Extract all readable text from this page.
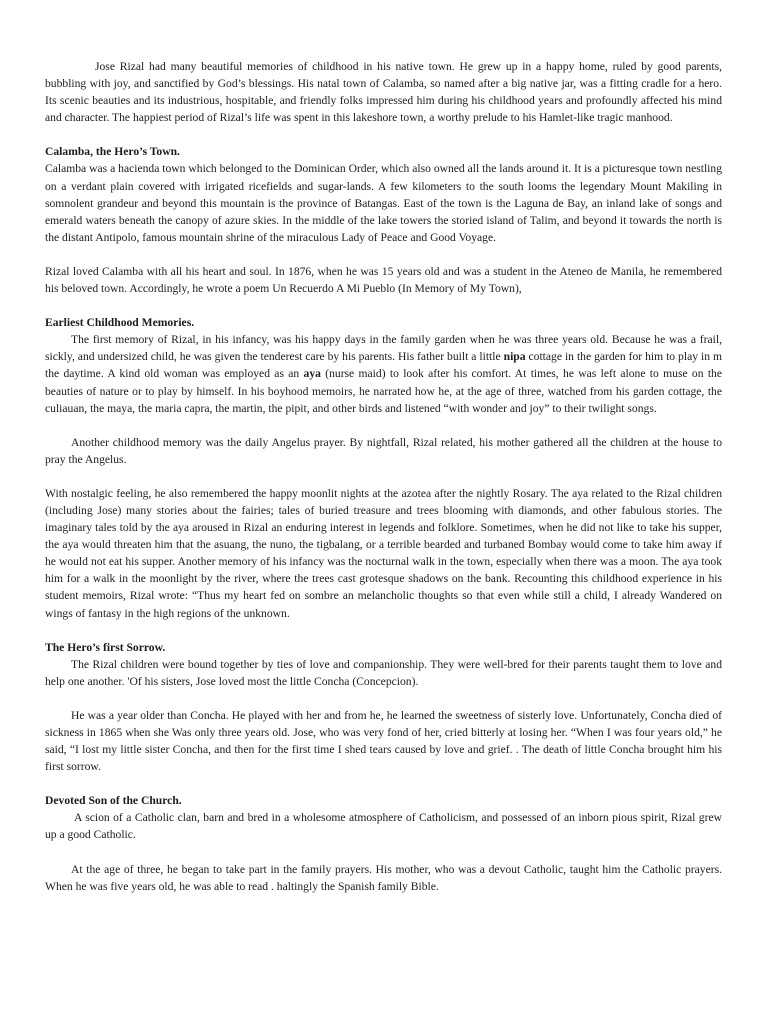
Jose Rizal had many beautiful memories of childhood in his native town. He grew up in a happy home, ruled by good parents, bubbling with joy, and sanctified by God’s blessings. His natal town of Calamba, so named after a big native jar, was a fitting cradle for a hero. Its scenic beauties and its industrious, hospitable, and friendly folks impressed him during his childhood years and profoundly affected his mind and character. The happiest period of Rizal’s life was spent in this lakeshore town, a worthy prelude to his Hamlet-like tragic manhood.

Calamba, the Hero’s Town.

Calamba was a hacienda town which belonged to the Dominican Order, which also owned all the lands around it. It is a picturesque town nestling on a verdant plain covered with irrigated ricefields and sugar-lands. A few kilometers to the south looms the legendary Mount Makiling in somnolent grandeur and beyond this mountain is the province of Batangas. East of the town is the Laguna de Bay, an inland lake of songs and emerald waters beneath the canopy of azure skies. In the middle of the lake towers the storied island of Talim, and beyond it towards the north is the distant Antipolo, famous mountain shrine of the miraculous Lady of Peace and Good Voyage.

Rizal loved Calamba with all his heart and soul. In 1876, when he was 15 years old and was a student in the Ateneo de Manila, he remembered his beloved town. Accordingly, he wrote a poem Un Recuerdo A Mi Pueblo (In Memory of My Town),

Earliest Childhood Memories.

The first memory of Rizal, in his infancy, was his happy days in the family garden when he was three years old. Because he was a frail, sickly, and undersized child, he was given the tenderest care by his parents. His father built a little nipa cottage in the garden for him to play in m the daytime. A kind old woman was employed as an aya (nurse maid) to look after his comfort. At times, he was left alone to muse on the beauties of nature or to play by himself. In his boyhood memoirs, he narrated how he, at the age of three, watched from his garden cottage, the culiauan, the maya, the maria capra, the martin, the pipit, and other birds and listened “with wonder and joy” to their twilight songs.

Another childhood memory was the daily Angelus prayer. By nightfall, Rizal related, his mother gathered all the children at the house to pray the Angelus.

With nostalgic feeling, he also remembered the happy moonlit nights at the azotea after the nightly Rosary. The aya related to the Rizal children (including Jose) many stories about the fairies; tales of buried treasure and trees blooming with diamonds, and other fabulous stories. The imaginary tales told by the aya aroused in Rizal an enduring interest in legends and folklore. Sometimes, when he did not like to take his supper, the aya would threaten him that the asuang, the nuno, the tigbalang, or a terrible bearded and turbaned Bombay would come to take him away if he would not eat his supper. Another memory of his infancy was the nocturnal walk in the town, especially when there was a moon. The aya took him for a walk in the moonlight by the river, where the trees cast grotesque shadows on the bank. Recounting this childhood experience in his student memoirs, Rizal wrote: “Thus my heart fed on sombre an melancholic thoughts so that even while still a child, I already Wandered on wings of fantasy in the high regions of the unknown.

The Hero’s first Sorrow.

The Rizal children were bound together by ties of love and companionship. They were well-bred for their parents taught them to love and help one another. 'Of his sisters, Jose loved most the little Concha (Concepcion).

He was a year older than Concha. He played with her and from he, he learned the sweetness of sisterly love. Unfortunately, Concha died of sickness in 1865 when she Was only three years old. Jose, who was very fond of her, cried bitterly at losing her. “When I was four years old,” he said, “I lost my little sister Concha, and then for the first time I shed tears caused by love and grief. . The death of little Concha brought him his first sorrow.

Devoted Son of the Church.

A scion of a Catholic clan, barn and bred in a wholesome atmosphere of Catholicism, and possessed of an inborn pious spirit, Rizal grew up a good Catholic.

At the age of three, he began to take part in the family prayers. His mother, who was a devout Catholic, taught him the Catholic prayers. When he was five years old, he was able to read . haltingly the Spanish family Bible.
